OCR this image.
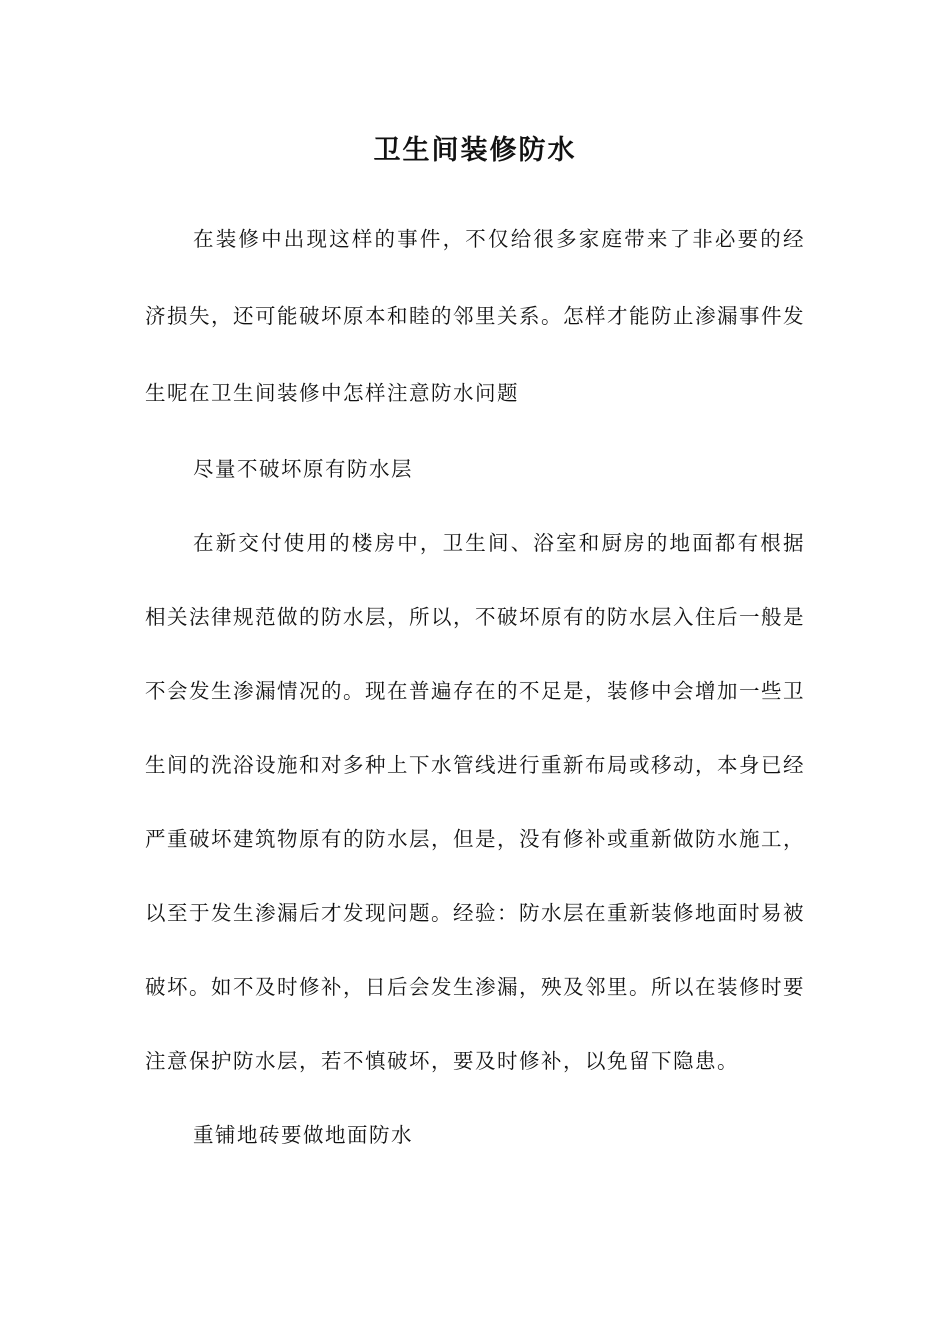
卫生间装修防水

在装修中出现这样的事件，不仅给很多家庭带来了非必要的经济损失，还可能破坏原本和睦的邻里关系。怎样才能防止渗漏事件发生呢在卫生间装修中怎样注意防水问题

尽量不破坏原有防水层

在新交付使用的楼房中，卫生间、浴室和厨房的地面都有根据相关法律规范做的防水层，所以，不破坏原有的防水层入住后一般是不会发生渗漏情况的。现在普遍存在的不足是，装修中会增加一些卫生间的洗浴设施和对多种上下水管线进行重新布局或移动，本身已经严重破坏建筑物原有的防水层，但是，没有修补或重新做防水施工，以至于发生渗漏后才发现问题。经验：防水层在重新装修地面时易被破坏。如不及时修补，日后会发生渗漏，殃及邻里。所以在装修时要注意保护防水层，若不慎破坏，要及时修补，以免留下隐患。

重铺地砖要做地面防水
